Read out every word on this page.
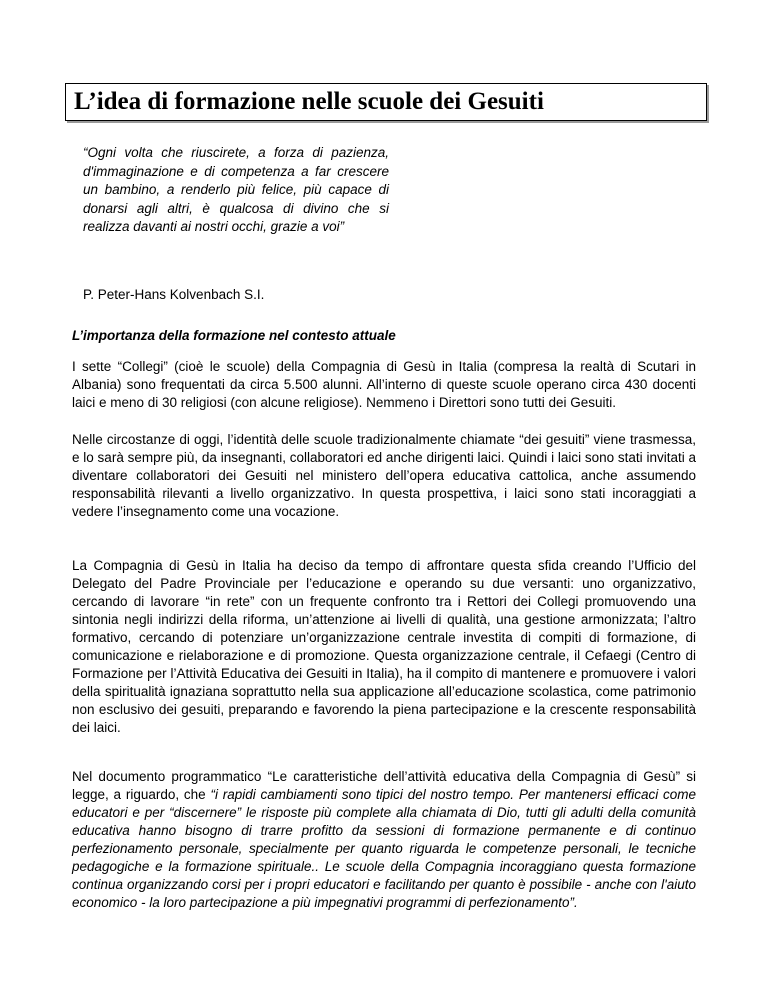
L’idea di formazione nelle scuole dei Gesuiti

“Ogni volta che riuscirete, a forza di pazienza, d'immaginazione e di competenza a far crescere un bambino, a renderlo più felice, più capace di donarsi agli altri, è qualcosa di divino che si realizza davanti ai nostri occhi, grazie a voi”

P. Peter-Hans Kolvenbach S.I.

L’importanza della formazione nel contesto attuale

I sette “Collegi” (cioè le scuole) della Compagnia di Gesù in Italia (compresa la realtà di Scutari in Albania) sono frequentati da circa 5.500 alunni. All’interno di queste scuole operano circa 430 docenti laici e meno di 30 religiosi (con alcune religiose). Nemmeno i Direttori sono tutti dei Gesuiti.

Nelle circostanze di oggi, l’identità delle scuole tradizionalmente chiamate “dei gesuiti” viene trasmessa, e lo sarà sempre più, da insegnanti, collaboratori ed anche dirigenti laici. Quindi i laici sono stati invitati a diventare collaboratori dei Gesuiti nel ministero dell’opera educativa cattolica, anche assumendo responsabilità rilevanti a livello organizzativo. In questa prospettiva, i laici sono stati incoraggiati a vedere l’insegnamento come una vocazione.

La Compagnia di Gesù in Italia ha deciso da tempo di affrontare questa sfida creando l’Ufficio del Delegato del Padre Provinciale per l’educazione e operando su due versanti: uno organizzativo, cercando di lavorare “in rete” con un frequente confronto tra i Rettori dei Collegi promuovendo una sintonia negli indirizzi della riforma, un’attenzione ai livelli di qualità, una gestione armonizzata; l’altro formativo, cercando di potenziare un’organizzazione centrale investita di compiti di formazione, di comunicazione e rielaborazione e di promozione. Questa organizzazione centrale, il Cefaegi (Centro di Formazione per l’Attività Educativa dei Gesuiti in Italia), ha il compito di mantenere e promuovere i valori della spiritualità ignaziana soprattutto nella sua applicazione all’educazione scolastica, come patrimonio non esclusivo dei gesuiti, preparando e favorendo la piena partecipazione e la crescente responsabilità dei laici.

Nel documento programmatico “Le caratteristiche dell’attività educativa della Compagnia di Gesù” si legge, a riguardo, che “i rapidi cambiamenti sono tipici del nostro tempo. Per mantenersi efficaci come educatori e per “discernere” le risposte più complete alla chiamata di Dio, tutti gli adulti della comunità educativa hanno bisogno di trarre profitto da sessioni di formazione permanente e di continuo perfezionamento personale, specialmente per quanto riguarda le competenze personali, le tecniche pedagogiche e la formazione spirituale.. Le scuole della Compagnia incoraggiano questa formazione continua organizzando corsi per i propri educatori e facilitando per quanto è possibile - anche con l'aiuto economico - la loro partecipazione a più impegnativi programmi di perfezionamento”.
